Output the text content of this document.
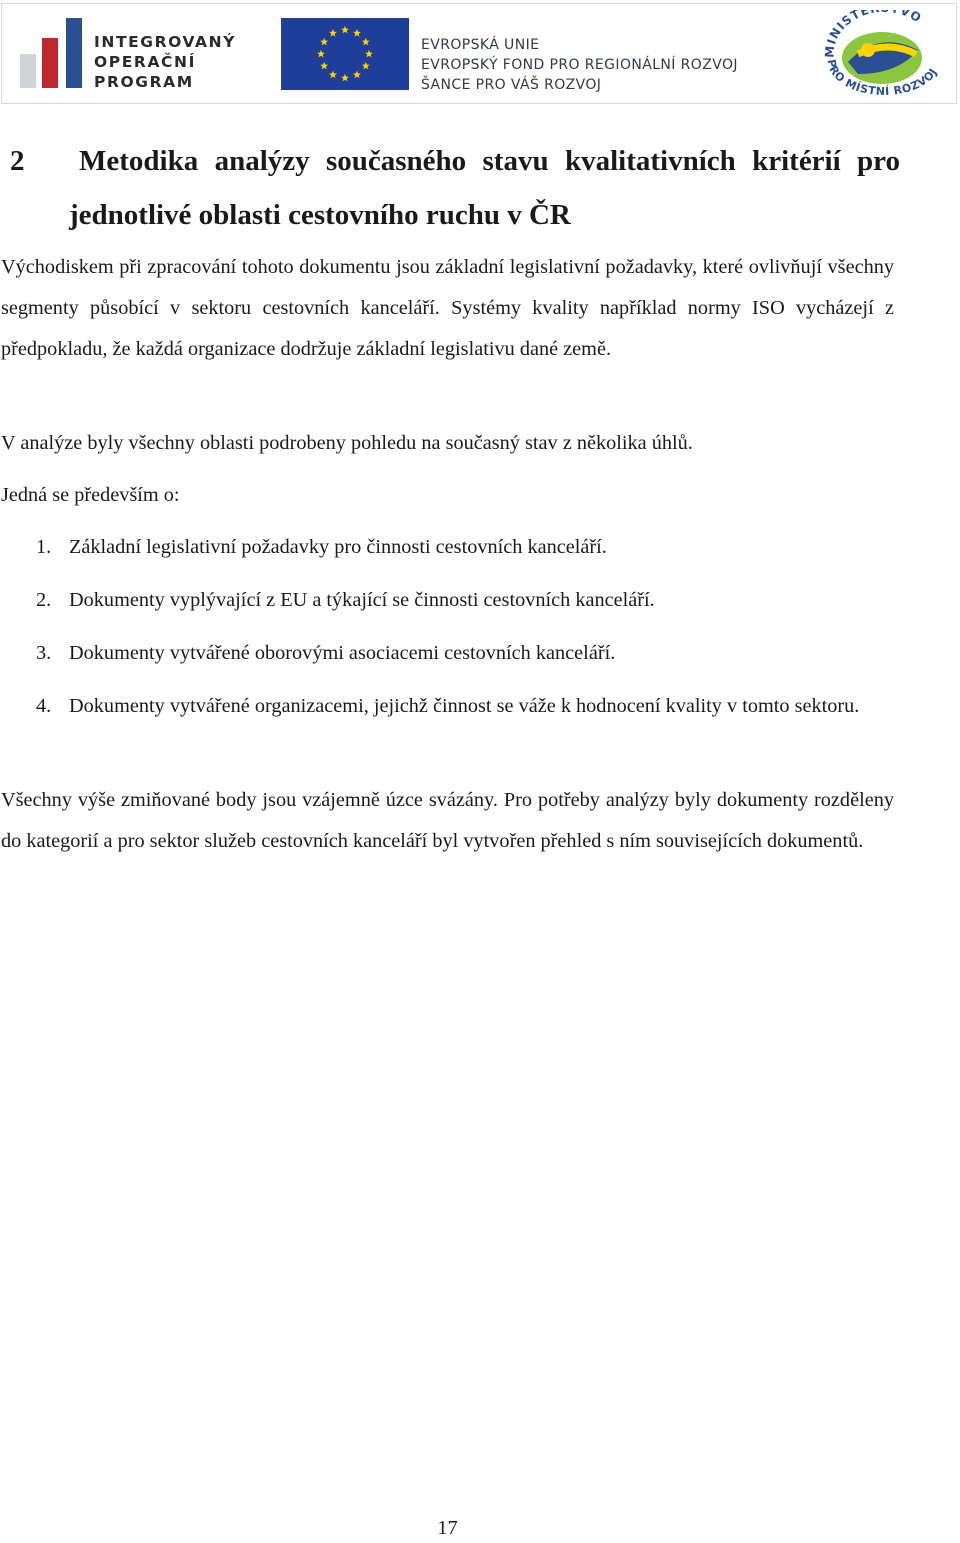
INTEGROVANÝ
OPERAČNÍ
PROGRAM

EVROPSKÁ UNIE
EVROPSKÝ FOND PRO REGIONÁLNÍ ROZVOJ
ŠANCE PRO VÁŠ ROZVOJ

MINISTE VO
PRO MÍSTNÍ ROZVOJ
2	Metodika analýzy současného stavu kvalitativních kritérií pro jednotlivé oblasti cestovního ruchu v ČR

Východiskem při zpracování tohoto dokumentu jsou základní legislativní požadavky, které ovlivňují všechny segmenty působící v sektoru cestovních kanceláří. Systémy kvality například normy ISO vycházejí z předpokladu, že každá organizace dodržuje základní legislativu dané země.

V analýze byly všechny oblasti podrobeny pohledu na současný stav z několika úhlů.

Jedná se především o:

1. Základní legislativní požadavky pro činnosti cestovních kanceláří.
2. Dokumenty vyplývající z EU a týkající se činnosti cestovních kanceláří.
3. Dokumenty vytvářené oborovými asociacemi cestovních kanceláří.
4. Dokumenty vytvářené organizacemi, jejichž činnost se váže k hodnocení kvality v tomto sektoru.

Všechny výše zmiňované body jsou vzájemně úzce svázány. Pro potřeby analýzy byly dokumenty rozděleny do kategorií a pro sektor služeb cestovních kanceláří byl vytvořen přehled s ním souvisejících dokumentů.

17
